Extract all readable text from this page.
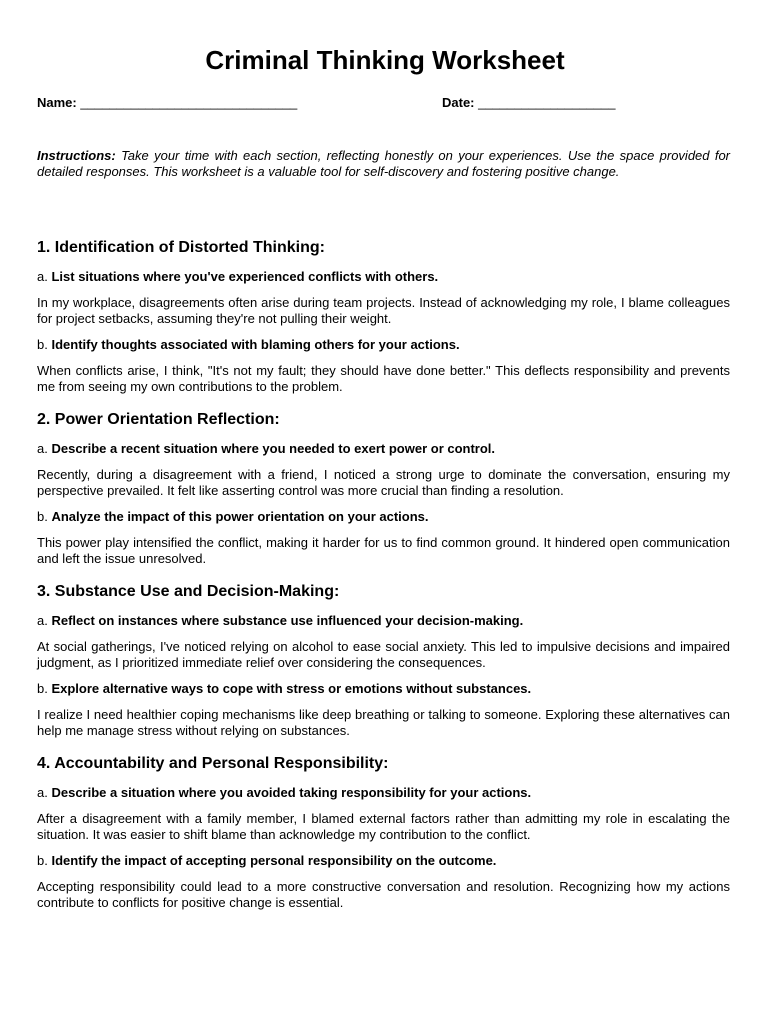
Criminal Thinking Worksheet
Name: ______________________________	Date: ___________________
Instructions: Take your time with each section, reflecting honestly on your experiences. Use the space provided for detailed responses. This worksheet is a valuable tool for self-discovery and fostering positive change.
1. Identification of Distorted Thinking:
a. List situations where you've experienced conflicts with others.
In my workplace, disagreements often arise during team projects. Instead of acknowledging my role, I blame colleagues for project setbacks, assuming they're not pulling their weight.
b. Identify thoughts associated with blaming others for your actions.
When conflicts arise, I think, "It's not my fault; they should have done better." This deflects responsibility and prevents me from seeing my own contributions to the problem.
2. Power Orientation Reflection:
a. Describe a recent situation where you needed to exert power or control.
Recently, during a disagreement with a friend, I noticed a strong urge to dominate the conversation, ensuring my perspective prevailed. It felt like asserting control was more crucial than finding a resolution.
b. Analyze the impact of this power orientation on your actions.
This power play intensified the conflict, making it harder for us to find common ground. It hindered open communication and left the issue unresolved.
3. Substance Use and Decision-Making:
a. Reflect on instances where substance use influenced your decision-making.
At social gatherings, I've noticed relying on alcohol to ease social anxiety. This led to impulsive decisions and impaired judgment, as I prioritized immediate relief over considering the consequences.
b. Explore alternative ways to cope with stress or emotions without substances.
I realize I need healthier coping mechanisms like deep breathing or talking to someone. Exploring these alternatives can help me manage stress without relying on substances.
4. Accountability and Personal Responsibility:
a. Describe a situation where you avoided taking responsibility for your actions.
After a disagreement with a family member, I blamed external factors rather than admitting my role in escalating the situation. It was easier to shift blame than acknowledge my contribution to the conflict.
b. Identify the impact of accepting personal responsibility on the outcome.
Accepting responsibility could lead to a more constructive conversation and resolution. Recognizing how my actions contribute to conflicts for positive change is essential.
